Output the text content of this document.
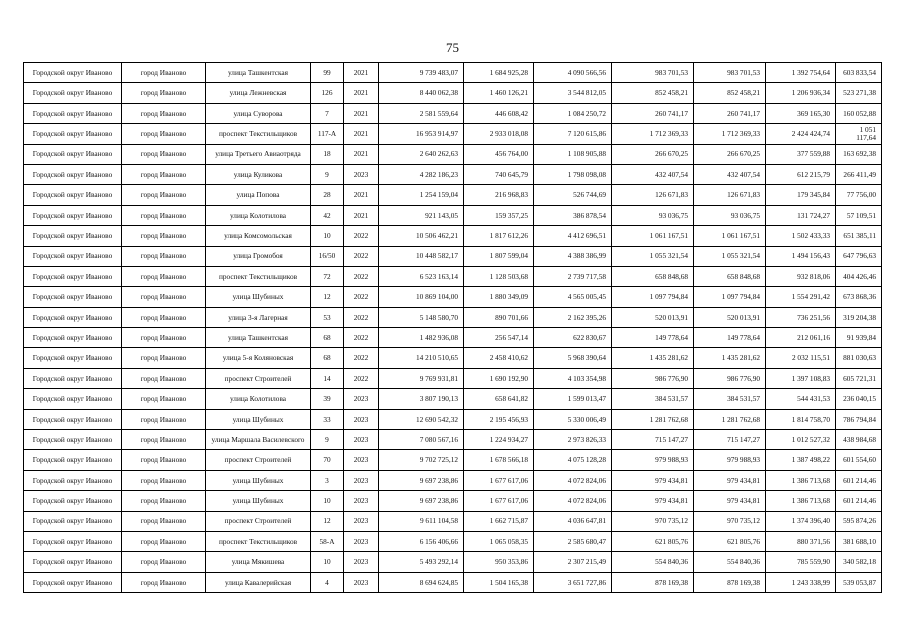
75
Городской округ Иваново	город Иваново	улица Ташкентская	99	2021	9 739 483,07	1 684 925,28	4 090 566,56	983 701,53	983 701,53	1 392 754,64	603 833,54
Городской округ Иваново	город Иваново	улица Лежневская	126	2021	8 440 062,38	1 460 126,21	3 544 812,05	852 458,21	852 458,21	1 206 936,34	523 271,38
Городской округ Иваново	город Иваново	улица Суворова	7	2021	2 581 559,64	446 608,42	1 084 250,72	260 741,17	260 741,17	369 165,30	160 052,88
Городской округ Иваново	город Иваново	проспект Текстильщиков	117-А	2021	16 953 914,97	2 933 018,08	7 120 615,86	1 712 369,33	1 712 369,33	2 424 424,74	1 051 117,64
Городской округ Иваново	город Иваново	улица Третьего Авиаотряда	18	2021	2 640 262,63	456 764,00	1 108 905,88	266 670,25	266 670,25	377 559,88	163 692,38
Городской округ Иваново	город Иваново	улица Куликова	9	2023	4 282 186,23	740 645,79	1 798 098,08	432 407,54	432 407,54	612 215,79	266 411,49
Городской округ Иваново	город Иваново	улица Попова	28	2021	1 254 159,04	216 968,83	526 744,69	126 671,83	126 671,83	179 345,84	77 756,00
Городской округ Иваново	город Иваново	улица Колотилова	42	2021	921 143,05	159 357,25	386 878,54	93 036,75	93 036,75	131 724,27	57 109,51
Городской округ Иваново	город Иваново	улица Комсомольская	10	2022	10 506 462,21	1 817 612,26	4 412 696,51	1 061 167,51	1 061 167,51	1 502 433,33	651 385,11
Городской округ Иваново	город Иваново	улица Громобоя	16/50	2022	10 448 582,17	1 807 599,04	4 388 386,99	1 055 321,54	1 055 321,54	1 494 156,43	647 796,63
Городской округ Иваново	город Иваново	проспект Текстильщиков	72	2022	6 523 163,14	1 128 503,68	2 739 717,58	658 848,68	658 848,68	932 818,06	404 426,46
Городской округ Иваново	город Иваново	улица Шубиных	12	2022	10 869 104,00	1 880 349,09	4 565 005,45	1 097 794,84	1 097 794,84	1 554 291,42	673 868,36
Городской округ Иваново	город Иваново	улица 3-я Лагерная	53	2022	5 148 580,70	890 701,66	2 162 395,26	520 013,91	520 013,91	736 251,56	319 204,38
Городской округ Иваново	город Иваново	улица Ташкентская	68	2022	1 482 936,08	256 547,14	622 830,67	149 778,64	149 778,64	212 061,16	91 939,84
Городской округ Иваново	город Иваново	улица 5-я Коляновская	68	2022	14 210 510,65	2 458 410,62	5 968 390,64	1 435 281,62	1 435 281,62	2 032 115,51	881 030,63
Городской округ Иваново	город Иваново	проспект Строителей	14	2022	9 769 931,81	1 690 192,90	4 103 354,98	986 776,90	986 776,90	1 397 108,83	605 721,31
Городской округ Иваново	город Иваново	улица Колотилова	39	2023	3 807 190,13	658 641,82	1 599 013,47	384 531,57	384 531,57	544 431,53	236 040,15
Городской округ Иваново	город Иваново	улица Шубиных	33	2023	12 690 542,32	2 195 456,93	5 330 006,49	1 281 762,68	1 281 762,68	1 814 758,70	786 794,84
Городской округ Иваново	город Иваново	улица Маршала Василевского	9	2023	7 080 567,16	1 224 934,27	2 973 826,33	715 147,27	715 147,27	1 012 527,32	438 984,68
Городской округ Иваново	город Иваново	проспект Строителей	70	2023	9 702 725,12	1 678 566,18	4 075 128,28	979 988,93	979 988,93	1 387 498,22	601 554,60
Городской округ Иваново	город Иваново	улица Шубиных	3	2023	9 697 238,86	1 677 617,06	4 072 824,06	979 434,81	979 434,81	1 386 713,68	601 214,46
Городской округ Иваново	город Иваново	улица Шубиных	10	2023	9 697 238,86	1 677 617,06	4 072 824,06	979 434,81	979 434,81	1 386 713,68	601 214,46
Городской округ Иваново	город Иваново	проспект Строителей	12	2023	9 611 104,58	1 662 715,87	4 036 647,81	970 735,12	970 735,12	1 374 396,40	595 874,26
Городской округ Иваново	город Иваново	проспект Текстильщиков	58-А	2023	6 156 406,66	1 065 058,35	2 585 680,47	621 805,76	621 805,76	880 371,56	381 688,10
Городской округ Иваново	город Иваново	улица Мякишева	10	2023	5 493 292,14	950 353,86	2 307 215,49	554 840,36	554 840,36	785 559,90	340 582,18
Городской округ Иваново	город Иваново	улица Кавалерийская	4	2023	8 694 624,85	1 504 165,38	3 651 727,86	878 169,38	878 169,38	1 243 338,99	539 053,87
